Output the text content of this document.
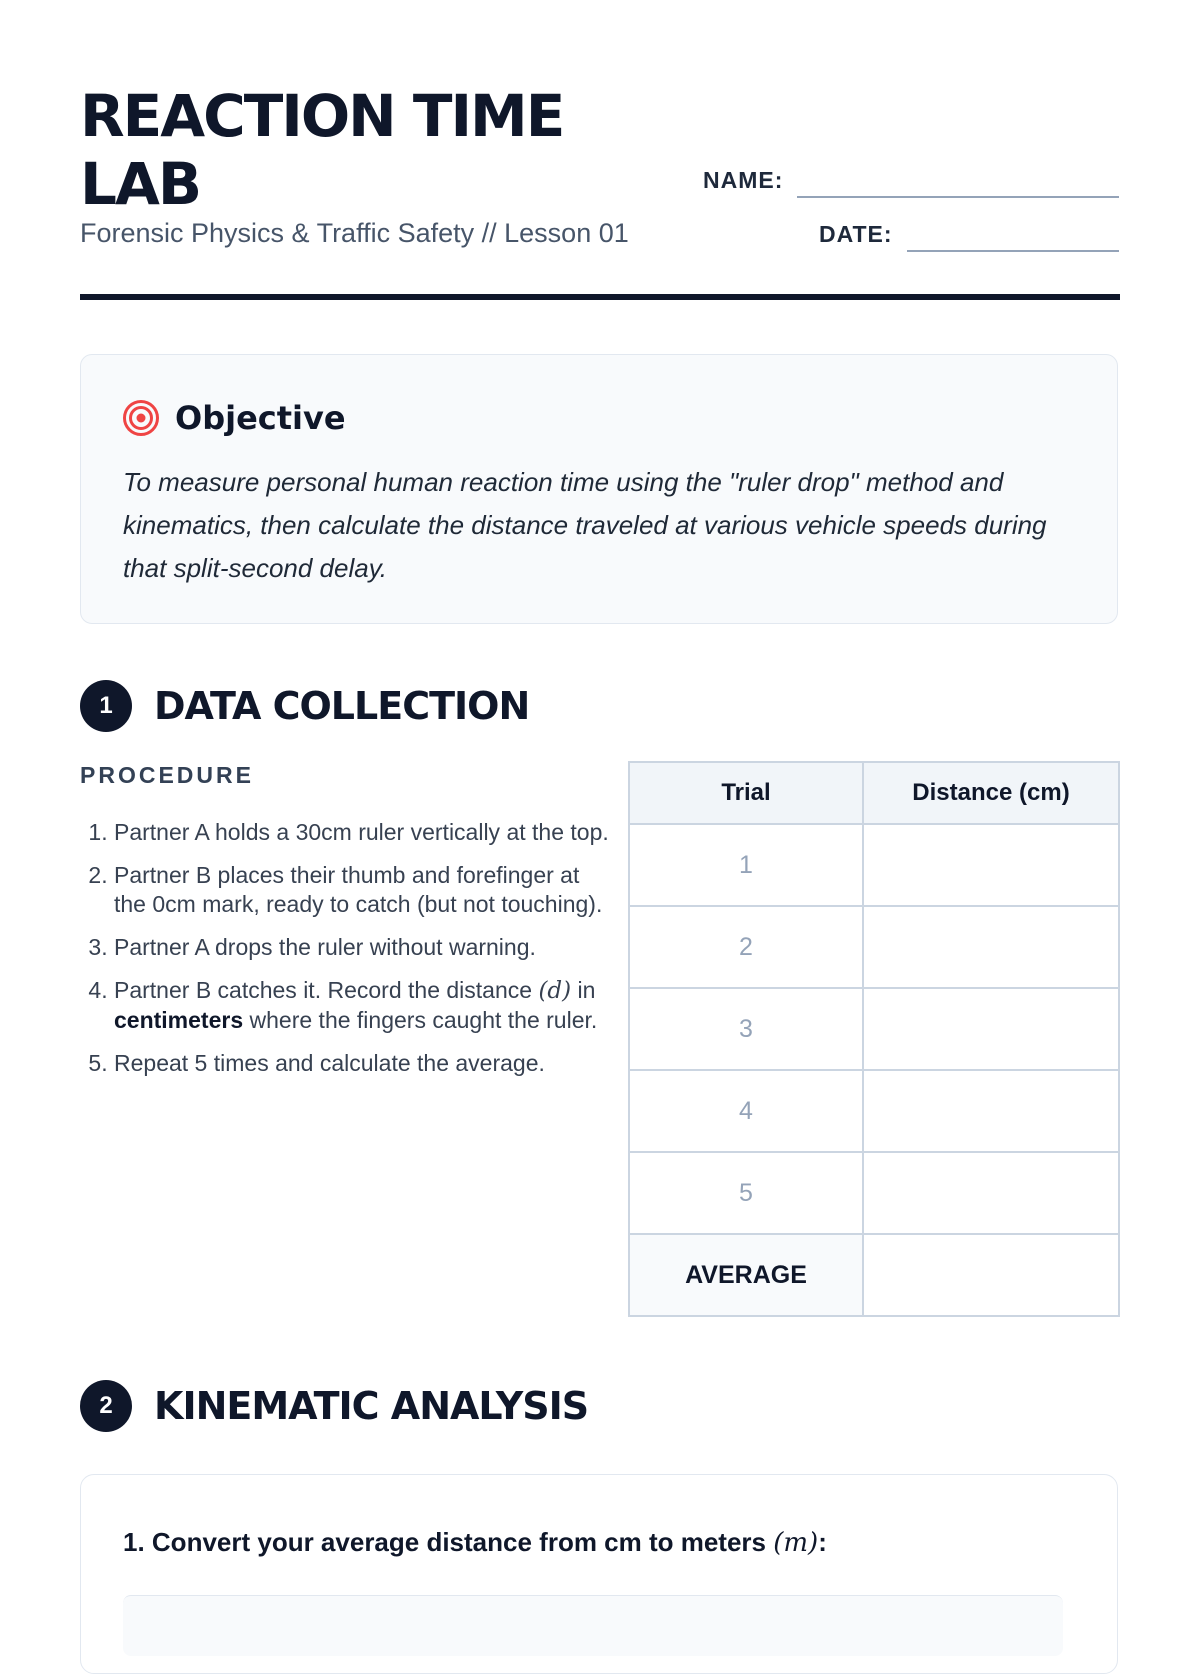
REACTION TIME LAB
Forensic Physics & Traffic Safety // Lesson 01
NAME:
DATE:
Objective
To measure personal human reaction time using the "ruler drop" method and kinematics, then calculate the distance traveled at various vehicle speeds during that split-second delay.
1	DATA COLLECTION
PROCEDURE
1. Partner A holds a 30cm ruler vertically at the top.
2. Partner B places their thumb and forefinger at the 0cm mark, ready to catch (but not touching).
3. Partner A drops the ruler without warning.
4. Partner B catches it. Record the distance (d) in centimeters where the fingers caught the ruler.
5. Repeat 5 times and calculate the average.
Trial	Distance (cm)
1	
2	
3	
4	
5	
AVERAGE	
2	KINEMATIC ANALYSIS
1. Convert your average distance from cm to meters (m):
